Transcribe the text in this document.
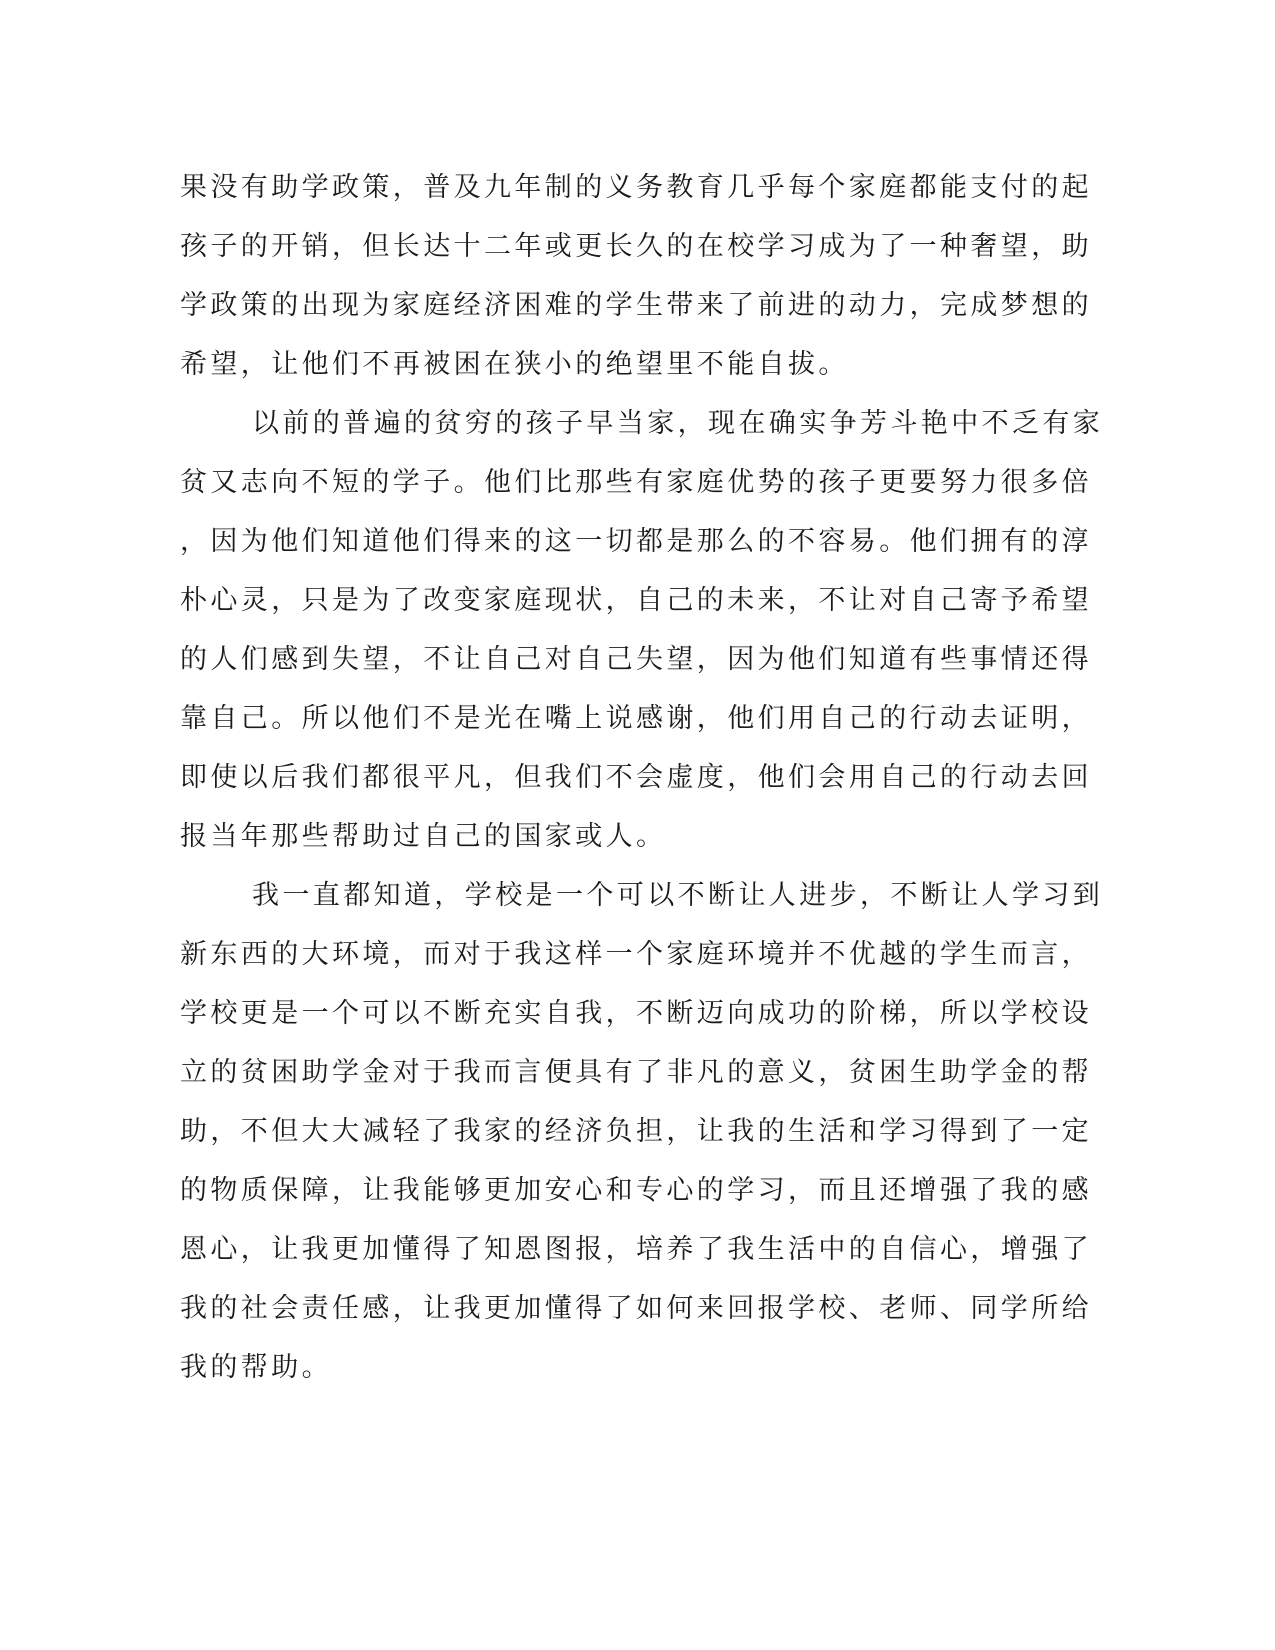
果没有助学政策，普及九年制的义务教育几乎每个家庭都能支付的起
孩子的开销，但长达十二年或更长久的在校学习成为了一种奢望，助
学政策的出现为家庭经济困难的学生带来了前进的动力，完成梦想的
希望，让他们不再被困在狭小的绝望里不能自拔。
以前的普遍的贫穷的孩子早当家，现在确实争芳斗艳中不乏有家
贫又志向不短的学子。他们比那些有家庭优势的孩子更要努力很多倍
，因为他们知道他们得来的这一切都是那么的不容易。他们拥有的淳
朴心灵，只是为了改变家庭现状，自己的未来，不让对自己寄予希望
的人们感到失望，不让自己对自己失望，因为他们知道有些事情还得
靠自己。所以他们不是光在嘴上说感谢，他们用自己的行动去证明，
即使以后我们都很平凡，但我们不会虚度，他们会用自己的行动去回
报当年那些帮助过自己的国家或人。
我一直都知道，学校是一个可以不断让人进步，不断让人学习到
新东西的大环境，而对于我这样一个家庭环境并不优越的学生而言，
学校更是一个可以不断充实自我，不断迈向成功的阶梯，所以学校设
立的贫困助学金对于我而言便具有了非凡的意义，贫困生助学金的帮
助，不但大大减轻了我家的经济负担，让我的生活和学习得到了一定
的物质保障，让我能够更加安心和专心的学习，而且还增强了我的感
恩心，让我更加懂得了知恩图报，培养了我生活中的自信心，增强了
我的社会责任感，让我更加懂得了如何来回报学校、老师、同学所给
我的帮助。
